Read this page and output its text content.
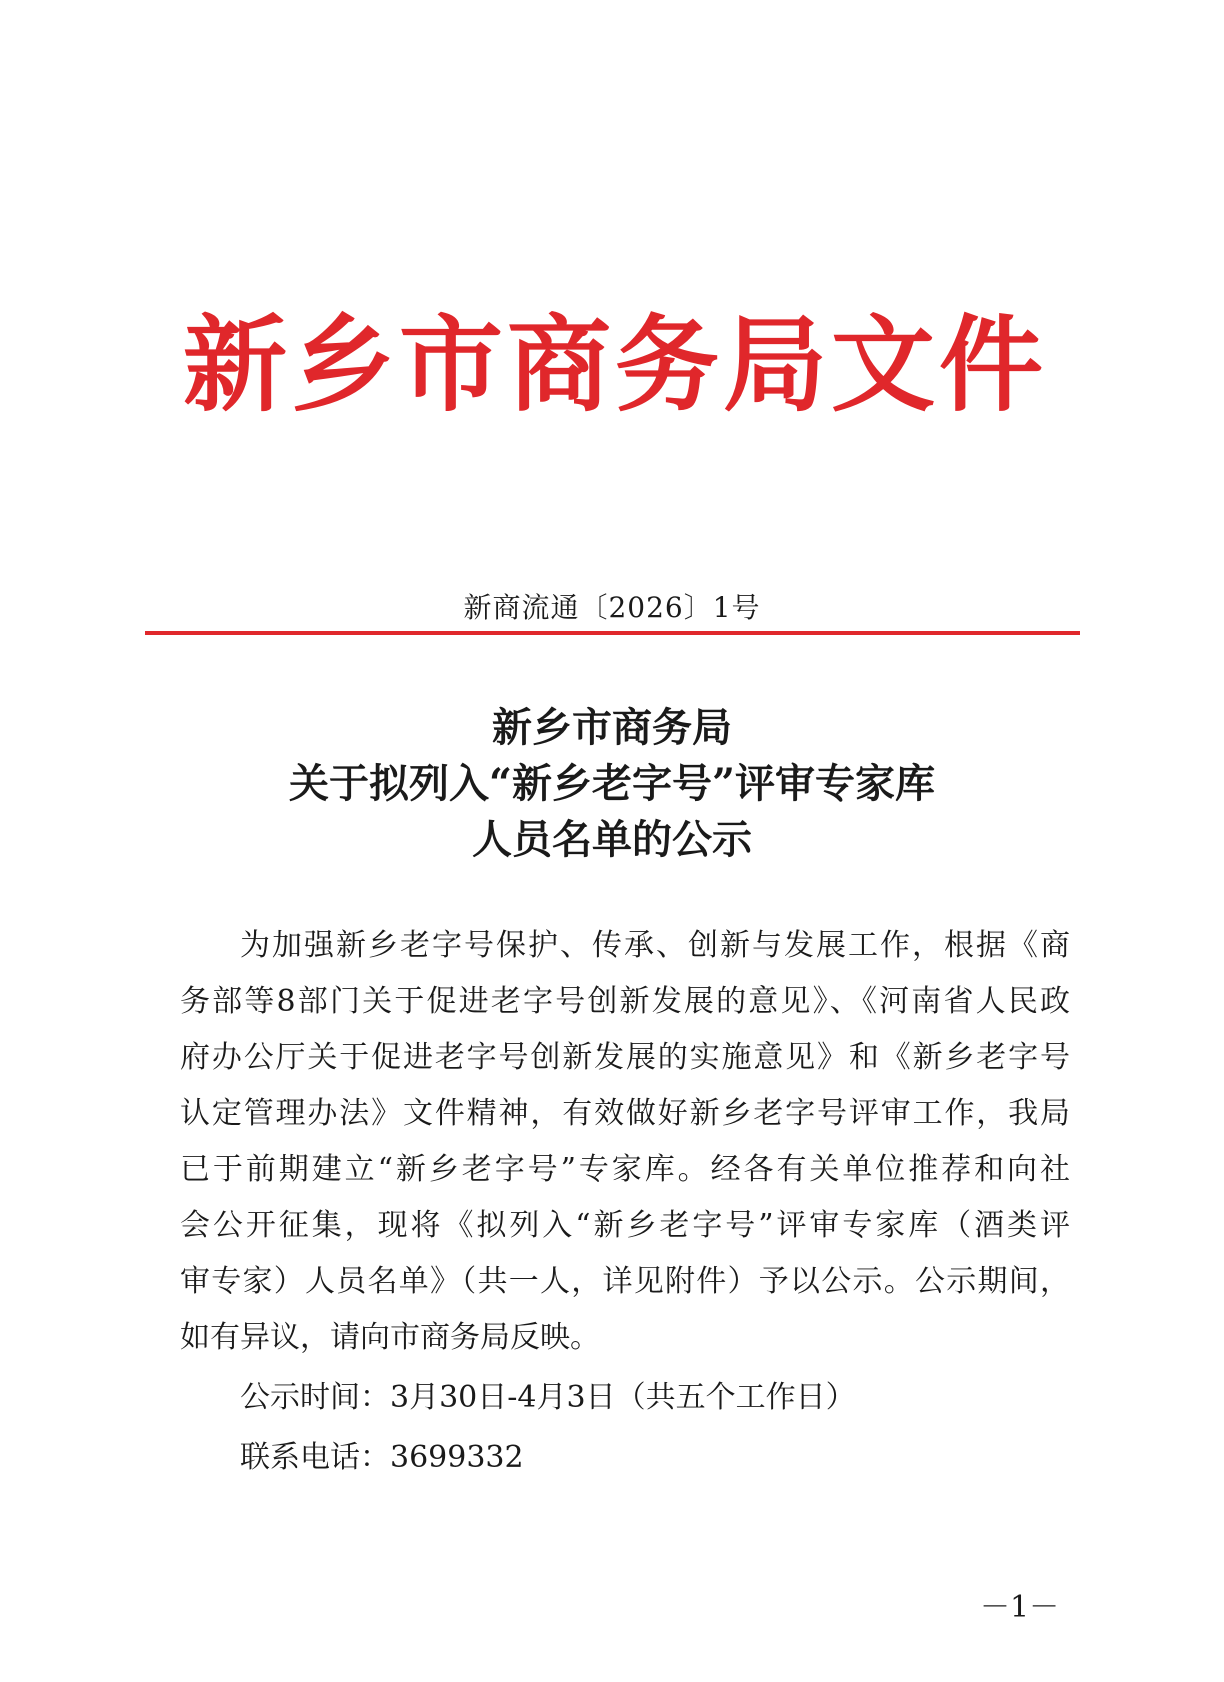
新乡市商务局文件
新商流通〔2026〕1号
新乡市商务局
关于拟列入“新乡老字号”评审专家库
人员名单的公示
为加强新乡老字号保护、传承、创新与发展工作，根据《商
务部等8部门关于促进老字号创新发展的意见》、《河南省人民政
府办公厅关于促进老字号创新发展的实施意见》和《新乡老字号
认定管理办法》文件精神，有效做好新乡老字号评审工作，我局
已于前期建立“新乡老字号”专家库。经各有关单位推荐和向社
会公开征集，现将《拟列入“新乡老字号”评审专家库（酒类评
审专家）人员名单》（共一人，详见附件）予以公示。公示期间，
如有异议，请向市商务局反映。
公示时间：3月30日-4月3日（共五个工作日）
联系电话：3699332
－1－
